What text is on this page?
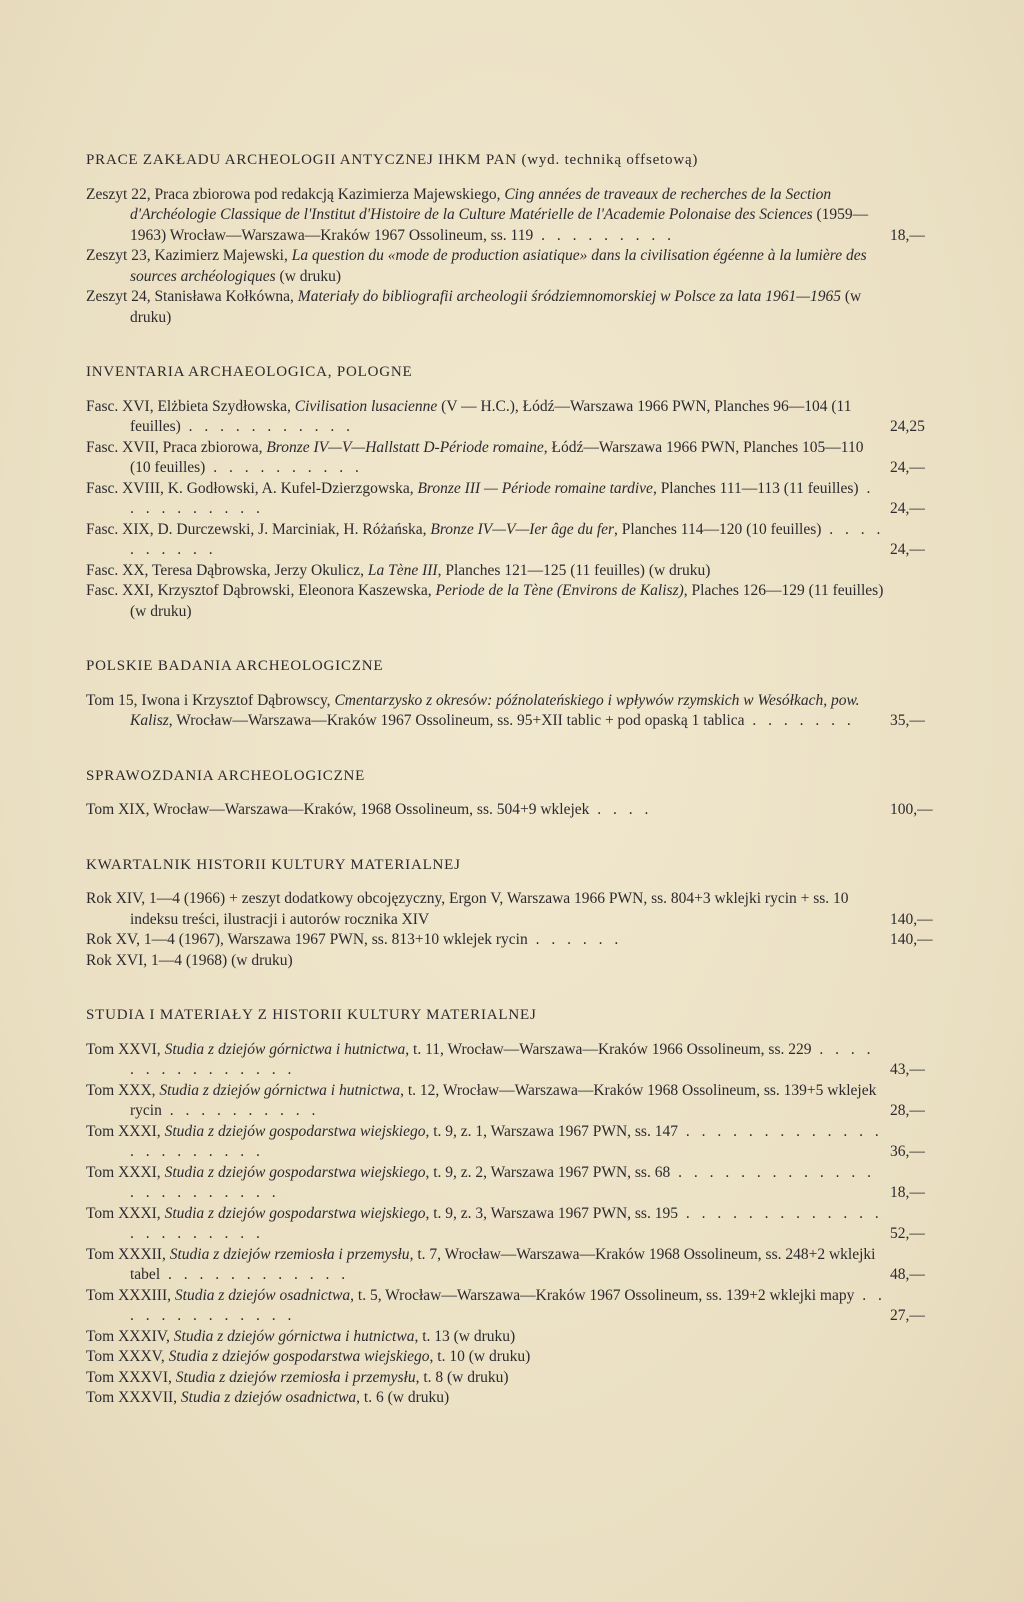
PRACE ZAKŁADU ARCHEOLOGII ANTYCZNEJ IHKM PAN (wyd. techniką offsetową)

Zeszyt 22, Praca zbiorowa pod redakcją Kazimierza Majewskiego, Cing années de traveaux de recherches de la Section d'Archéologie Classique de l'Institut d'Histoire de la Culture Matérielle de l'Academie Polonaise des Sciences (1959—1963) Wrocław—Warszawa—Kraków 1967 Ossolineum, ss. 119 . . . . . . . . .	18,—

Zeszyt 23, Kazimierz Majewski, La question du «mode de production asiatique» dans la civilisation égéenne à la lumière des sources archéologiques (w druku)

Zeszyt 24, Stanisława Kołkówna, Materiały do bibliografii archeologii śródziemnomorskiej w Polsce za lata 1961—1965 (w druku)

INVENTARIA ARCHAEOLOGICA, POLOGNE

Fasc. XVI, Elżbieta Szydłowska, Civilisation lusacienne (V — H.C.), Łódź—Warszawa 1966 PWN, Planches 96—104 (11 feuilles) . . . . . . . . . . .	24,25

Fasc. XVII, Praca zbiorowa, Bronze IV—V—Hallstatt D-Période romaine, Łódź—Warszawa 1966 PWN, Planches 105—110 (10 feuilles) . . . . . . . . . .	24,—

Fasc. XVIII, K. Godłowski, A. Kufel-Dzierzgowska, Bronze III — Période romaine tardive, Planches 111—113 (11 feuilles) . . . . . . . . . .	24,—

Fasc. XIX, D. Durczewski, J. Marciniak, H. Różańska, Bronze IV—V—Ier âge du fer, Planches 114—120 (10 feuilles) . . . . . . . . . .	24,—

Fasc. XX, Teresa Dąbrowska, Jerzy Okulicz, La Tène III, Planches 121—125 (11 feuilles) (w druku)

Fasc. XXI, Krzysztof Dąbrowski, Eleonora Kaszewska, Periode de la Tène (Environs de Kalisz), Plaches 126—129 (11 feuilles) (w druku)

POLSKIE BADANIA ARCHEOLOGICZNE

Tom 15, Iwona i Krzysztof Dąbrowscy, Cmentarzysko z okresów: późnolateńskiego i wpływów rzymskich w Wesółkach, pow. Kalisz, Wrocław—Warszawa—Kraków 1967 Ossolineum, ss. 95+XII tablic + pod opaską 1 tablica . . . . . . . 35,—

SPRAWOZDANIA ARCHEOLOGICZNE

Tom XIX, Wrocław—Warszawa—Kraków, 1968 Ossolineum, ss. 504+9 wklejek . . . .	100,—

KWARTALNIK HISTORII KULTURY MATERIALNEJ

Rok XIV, 1—4 (1966) + zeszyt dodatkowy obcojęzyczny, Ergon V, Warszawa 1966 PWN, ss. 804+3 wklejki rycin + ss. 10 indeksu treści, ilustracji i autorów rocznika XIV	140,—

Rok XV, 1—4 (1967), Warszawa 1967 PWN, ss. 813+10 wklejek rycin . . . . . .	140,—

Rok XVI, 1—4 (1968) (w druku)

STUDIA I MATERIAŁY Z HISTORII KULTURY MATERIALNEJ

Tom XXVI, Studia z dziejów górnictwa i hutnictwa, t. 11, Wrocław—Warszawa—Kraków 1966 Ossolineum, ss. 229 . . . . . . . . . . . . . . .	43,—

Tom XXX, Studia z dziejów górnictwa i hutnictwa, t. 12, Wrocław—Warszawa—Kraków 1968 Ossolineum, ss. 139+5 wklejek rycin . . . . . . . . . .	28,—

Tom XXXI, Studia z dziejów gospodarstwa wiejskiego, t. 9, z. 1, Warszawa 1967 PWN, ss. 147 . . . . . . . . . . . . . . . . . . . . . .	36,—

Tom XXXI, Studia z dziejów gospodarstwa wiejskiego, t. 9, z. 2, Warszawa 1967 PWN, ss. 68 . . . . . . . . . . . . . . . . . . . . . . .	18,—

Tom XXXI, Studia z dziejów gospodarstwa wiejskiego, t. 9, z. 3, Warszawa 1967 PWN, ss. 195 . . . . . . . . . . . . . . . . . . . . . .	52,—

Tom XXXII, Studia z dziejów rzemiosła i przemysłu, t. 7, Wrocław—Warszawa—Kraków 1968 Ossolineum, ss. 248+2 wklejki tabel . . . . . . . . . . . .	48,—

Tom XXXIII, Studia z dziejów osadnictwa, t. 5, Wrocław—Warszawa—Kraków 1967 Ossolineum, ss. 139+2 wklejki mapy . . . . . . . . . . . . .	27,—

Tom XXXIV, Studia z dziejów górnictwa i hutnictwa, t. 13 (w druku)

Tom XXXV, Studia z dziejów gospodarstwa wiejskiego, t. 10 (w druku)

Tom XXXVI, Studia z dziejów rzemiosła i przemysłu, t. 8 (w druku)

Tom XXXVII, Studia z dziejów osadnictwa, t. 6 (w druku)
